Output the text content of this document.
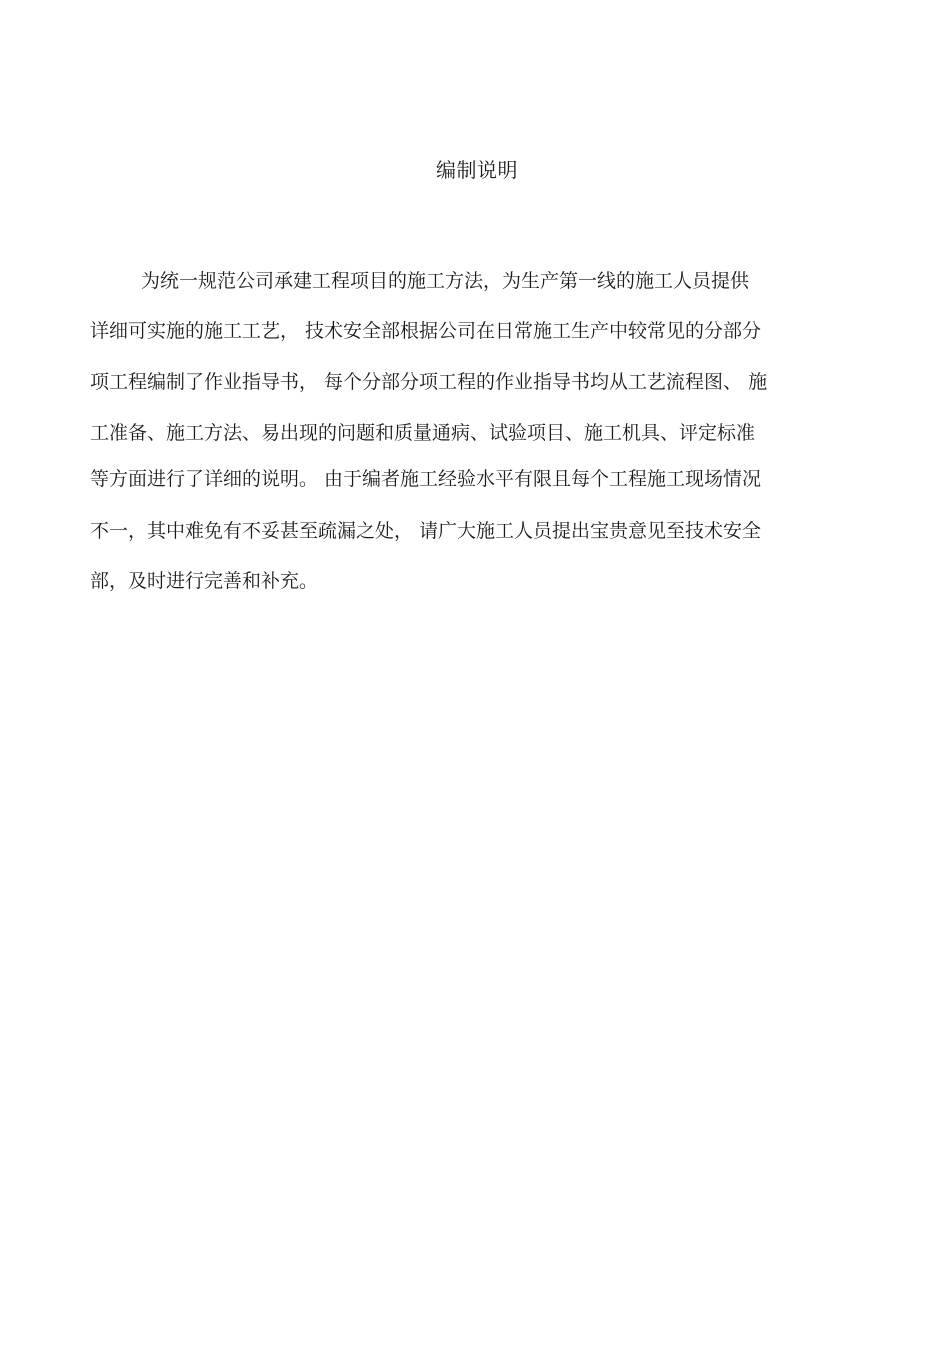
编制说明
为统一规范公司承建工程项目的施工方法，为生产第一线的施工人员提供
详细可实施的施工工艺， 技术安全部根据公司在日常施工生产中较常见的分部分
项工程编制了作业指导书， 每个分部分项工程的作业指导书均从工艺流程图、 施
工准备、施工方法、易出现的问题和质量通病、试验项目、施工机具、评定标准
等方面进行了详细的说明。 由于编者施工经验水平有限且每个工程施工现场情况
不一，其中难免有不妥甚至疏漏之处， 请广大施工人员提出宝贵意见至技术安全
部，及时进行完善和补充。
